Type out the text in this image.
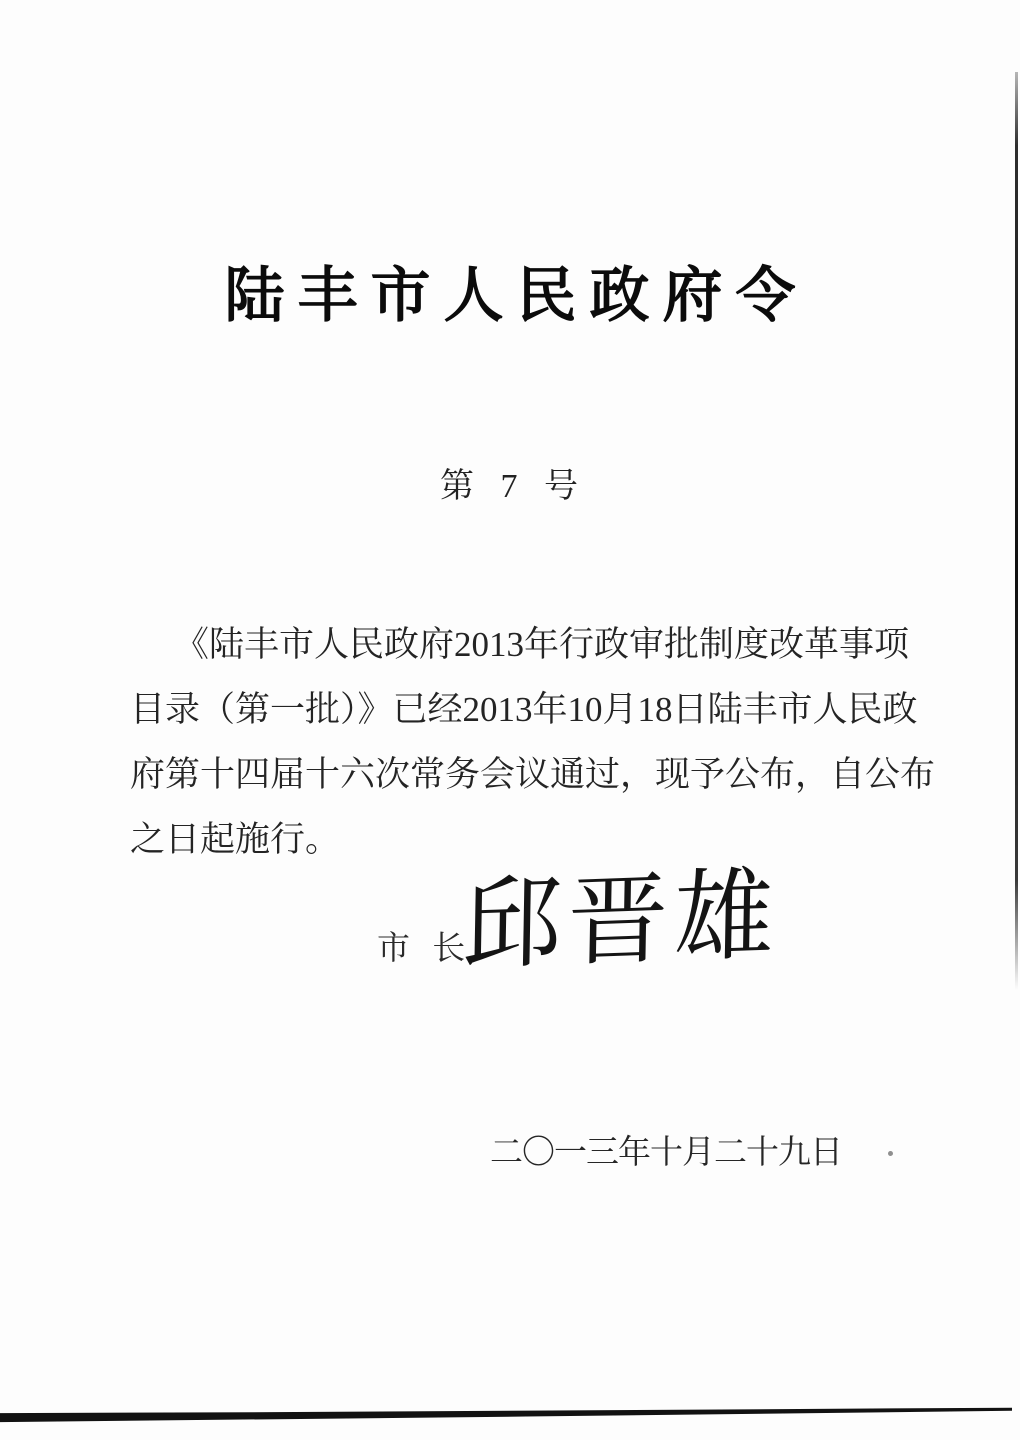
陆丰市人民政府令
第 7 号
《陆丰市人民政府2013年行政审批制度改革事项
目录（第一批）》已经2013年10月18日陆丰市人民政
府第十四届十六次常务会议通过，现予公布，自公布
之日起施行。
市 长
邱晋雄
二〇一三年十月二十九日
